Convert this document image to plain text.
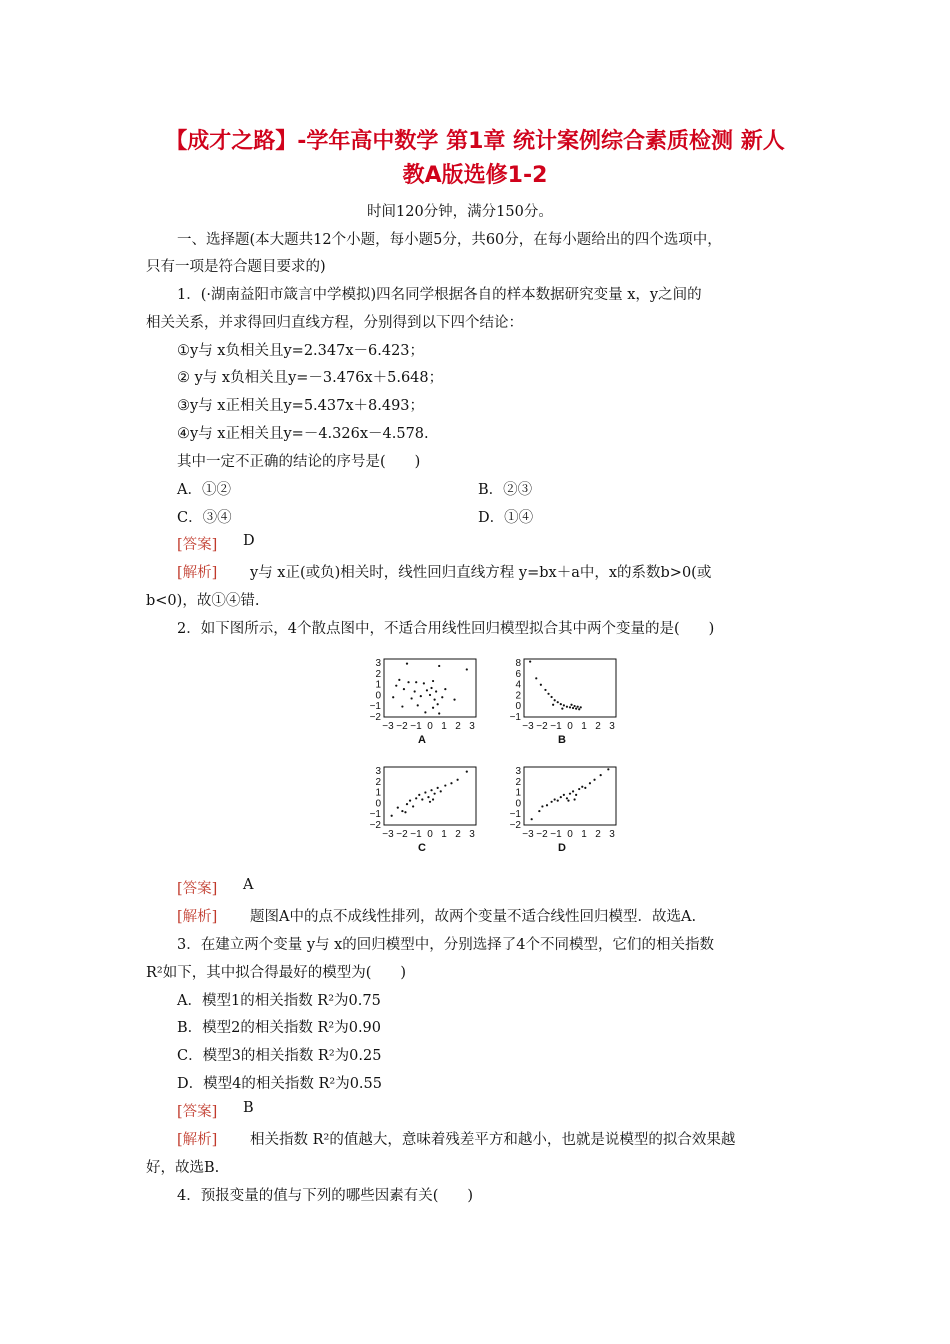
【成才之路】-学年高中数学 第1章 统计案例综合素质检测 新人
教A版选修1-2
时间120分钟，满分150分。
一、选择题(本大题共12个小题，每小题5分，共60分，在每小题给出的四个选项中，
只有一项是符合题目要求的)
1．(·湖南益阳市箴言中学模拟)四名同学根据各自的样本数据研究变量 x，y之间的
相关关系，并求得回归直线方程，分别得到以下四个结论：
①y与 x负相关且y=2.347x－6.423；
② y与 x负相关且y=－3.476x＋5.648；
③y与 x正相关且y=5.437x＋8.493；
④y与 x正相关且y=－4.326x－4.578.
其中一定不正确的结论的序号是(　　)
A．①②	B．②③
C．③④	D．①④
[答案] D
[解析] y与 x正(或负)相关时，线性回归直线方程 y=bx＋a中，x的系数b>0(或
b<0)，故①④错.
2．如下图所示，4个散点图中，不适合用线性回归模型拟合其中两个变量的是(　　)
3
2
1
0
−1
−2
−3 −2 −1 0 1 2 3
A
8
6
4
2
0
−1
−3 −2 −1 0 1 2 3
B
3
2
1
0
−1
−2
−3 −2 −1 0 1 2 3
C
3
2
1
0
−1
−2
−3 −2 −1 0 1 2 3
D
[答案] A
[解析] 题图A中的点不成线性排列，故两个变量不适合线性回归模型．故选A.
3．在建立两个变量 y与 x的回归模型中，分别选择了4个不同模型，它们的相关指数
R²如下，其中拟合得最好的模型为(　　)
A．模型1的相关指数 R²为0.75
B．模型2的相关指数 R²为0.90
C．模型3的相关指数 R²为0.25
D．模型4的相关指数 R²为0.55
[答案] B
[解析] 相关指数 R²的值越大，意味着残差平方和越小，也就是说模型的拟合效果越
好，故选B.
4．预报变量的值与下列的哪些因素有关(　　)
